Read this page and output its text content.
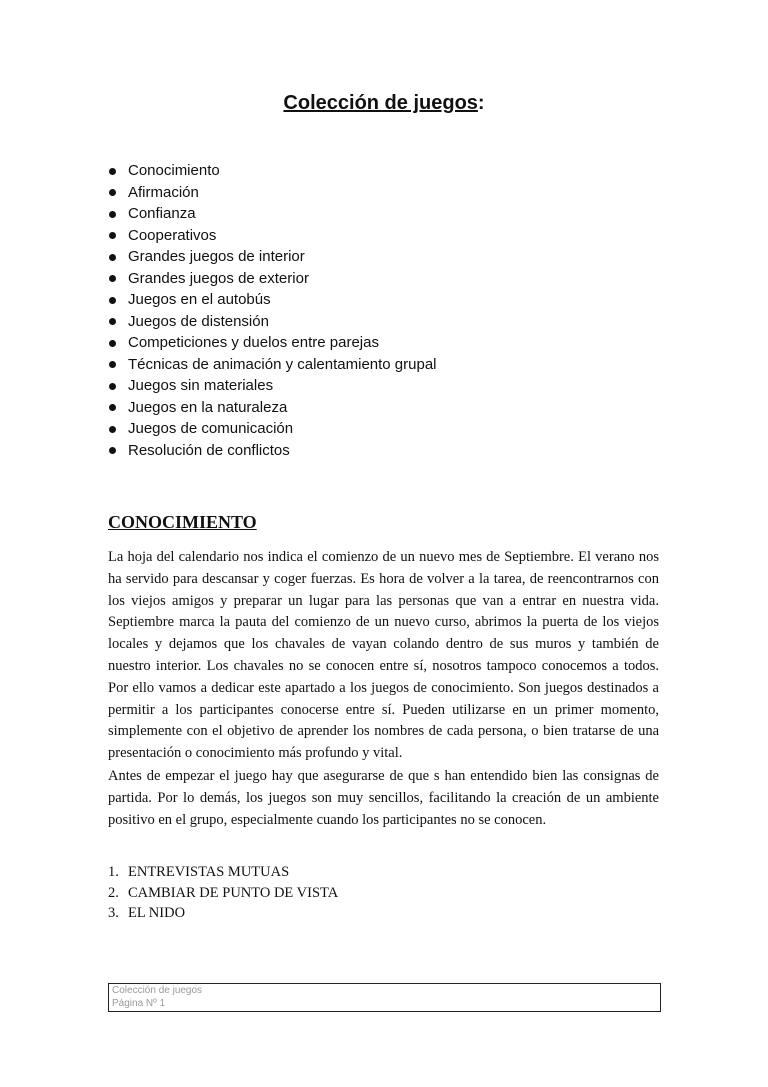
Colección de juegos:
Conocimiento
Afirmación
Confianza
Cooperativos
Grandes juegos de interior
Grandes juegos de exterior
Juegos en el autobús
Juegos de distensión
Competiciones y duelos entre parejas
Técnicas de animación y calentamiento grupal
Juegos sin materiales
Juegos en la naturaleza
Juegos de comunicación
Resolución de conflictos
CONOCIMIENTO

La hoja del calendario nos indica el comienzo de un nuevo mes de Septiembre. El verano nos ha servido para descansar y coger fuerzas. Es hora de volver a la tarea, de reencontrarnos con los viejos amigos y preparar un lugar para las personas que van a entrar en nuestra vida. Septiembre marca la pauta del comienzo de un nuevo curso, abrimos la puerta de los viejos locales y dejamos que los chavales de vayan colando dentro de sus muros y también de nuestro interior. Los chavales no se conocen entre sí, nosotros tampoco conocemos a todos. Por ello vamos a dedicar este apartado a los juegos de conocimiento. Son juegos destinados a permitir a los participantes conocerse entre sí. Pueden utilizarse en un primer momento, simplemente con el objetivo de aprender los nombres de cada persona, o bien tratarse de una presentación o conocimiento más profundo y vital.

Antes de empezar el juego hay que asegurarse de que s han entendido bien las consignas de partida. Por lo demás, los juegos son muy sencillos, facilitando la creación de un ambiente positivo en el grupo, especialmente cuando los participantes no se conocen.

1. ENTREVISTAS MUTUAS
2. CAMBIAR DE PUNTO DE VISTA
3. EL NIDO
Colección de juegos
Página Nº 1
